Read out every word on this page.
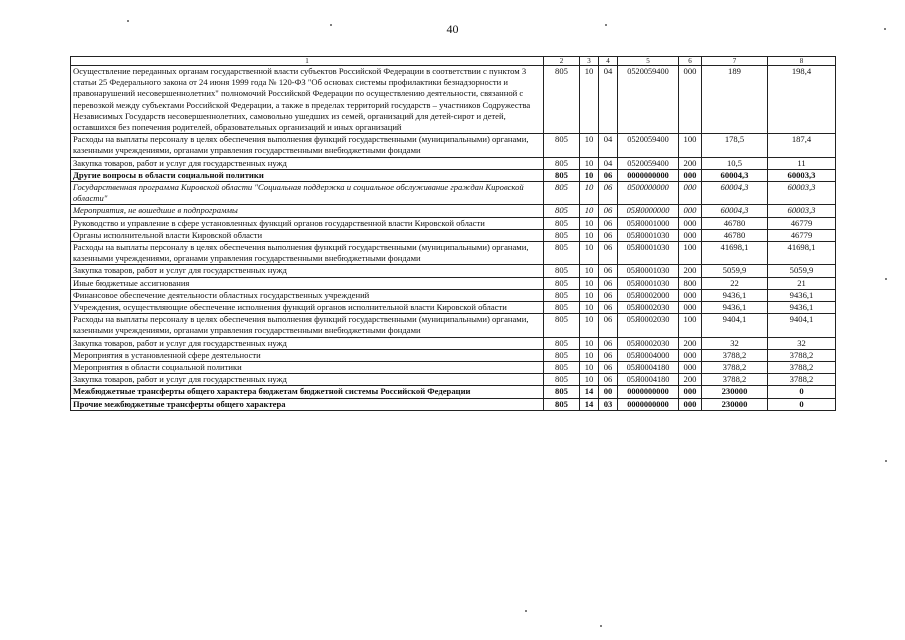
40
1	2	3	4	5	6	7	8
Осуществление переданных органам государственной власти субъектов Российской Федерации в соответствии с пунктом 3 статьи 25 Федерального закона от 24 июня 1999 года № 120-ФЗ "Об основах системы профилактики безнадзорности и правонарушений несовершеннолетних" полномочий Российской Федерации по осуществлению деятельности, связанной с перевозкой между субъектами Российской Федерации, а также в пределах территорий государств – участников Содружества Независимых Государств несовершеннолетних, самовольно ушедших из семей, организаций для детей-сирот и детей, оставшихся без попечения родителей, образовательных организаций и иных организаций	805	10	04	0520059400	000	189	198,4
Расходы на выплаты персоналу в целях обеспечения выполнения функций государственными (муниципальными) органами, казенными учреждениями, органами управления государственными внебюджетными фондами	805	10	04	0520059400	100	178,5	187,4
Закупка товаров, работ и услуг для государственных нужд	805	10	04	0520059400	200	10,5	11
Другие вопросы в области социальной политики	805	10	06	0000000000	000	60004,3	60003,3
Государственная программа Кировской области "Социальная поддержка и социальное обслуживание граждан Кировской области"	805	10	06	0500000000	000	60004,3	60003,3
Мероприятия, не вошедшие в подпрограммы	805	10	06	05Я0000000	000	60004,3	60003,3
Руководство и управление в сфере установленных функций органов государственной власти Кировской области	805	10	06	05Я0001000	000	46780	46779
Органы исполнительной власти Кировской области	805	10	06	05Я0001030	000	46780	46779
Расходы на выплаты персоналу в целях обеспечения выполнения функций государственными (муниципальными) органами, казенными учреждениями, органами управления государственными внебюджетными фондами	805	10	06	05Я0001030	100	41698,1	41698,1
Закупка товаров, работ и услуг для государственных нужд	805	10	06	05Я0001030	200	5059,9	5059,9
Иные бюджетные ассигнования	805	10	06	05Я0001030	800	22	21
Финансовое обеспечение деятельности областных государственных учреждений	805	10	06	05Я0002000	000	9436,1	9436,1
Учреждения, осуществляющие обеспечение исполнения функций органов исполнительной власти Кировской области	805	10	06	05Я0002030	000	9436,1	9436,1
Расходы на выплаты персоналу в целях обеспечения выполнения функций государственными (муниципальными) органами, казенными учреждениями, органами управления государственными внебюджетными фондами	805	10	06	05Я0002030	100	9404,1	9404,1
Закупка товаров, работ и услуг для государственных нужд	805	10	06	05Я0002030	200	32	32
Мероприятия в установленной сфере деятельности	805	10	06	05Я0004000	000	3788,2	3788,2
Мероприятия в области социальной политики	805	10	06	05Я0004180	000	3788,2	3788,2
Закупка товаров, работ и услуг для государственных нужд	805	10	06	05Я0004180	200	3788,2	3788,2
Межбюджетные трансферты общего характера бюджетам бюджетной системы Российской Федерации	805	14	00	0000000000	000	230000	0
Прочие межбюджетные трансферты общего характера	805	14	03	0000000000	000	230000	0
